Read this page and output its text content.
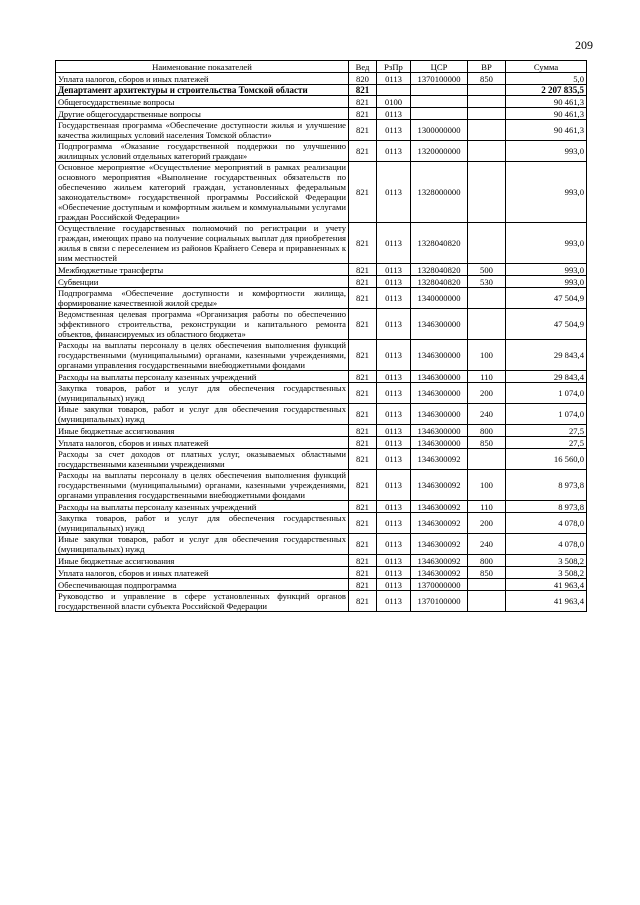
209
Наименование показателей	Вед	РзПр	ЦСР	ВР	Сумма
Уплата налогов, сборов и иных платежей	820	0113	1370100000	850	5,0
Департамент архитектуры и строительства Томской области	821				2 207 835,5
Общегосударственные вопросы	821	0100			90 461,3
Другие общегосударственные вопросы	821	0113			90 461,3
Государственная программа «Обеспечение доступности жилья и улучшение качества жилищных условий населения Томской области»	821	0113	1300000000		90 461,3
Подпрограмма «Оказание государственной поддержки по улучшению жилищных условий отдельных категорий граждан»	821	0113	1320000000		993,0
Основное мероприятие «Осуществление мероприятий в рамках реализации основного мероприятия «Выполнение государственных обязательств по обеспечению жильем категорий граждан, установленных федеральным законодательством» государственной программы Российской Федерации «Обеспечение доступным и комфортным жильем и коммунальными услугами граждан Российской Федерации»	821	0113	1328000000		993,0
Осуществление государственных полномочий по регистрации и учету граждан, имеющих право на получение социальных выплат для приобретения жилья в связи с переселением из районов Крайнего Севера и приравненных к ним местностей	821	0113	1328040820		993,0
Межбюджетные трансферты	821	0113	1328040820	500	993,0
Субвенции	821	0113	1328040820	530	993,0
Подпрограмма «Обеспечение доступности и комфортности жилища, формирование качественной жилой среды»	821	0113	1340000000		47 504,9
Ведомственная целевая программа «Организация работы по обеспечению эффективного строительства, реконструкции и капитального ремонта объектов, финансируемых из областного бюджета»	821	0113	1346300000		47 504,9
Расходы на выплаты персоналу в целях обеспечения выполнения функций государственными (муниципальными) органами, казенными учреждениями, органами управления государственными внебюджетными фондами	821	0113	1346300000	100	29 843,4
Расходы на выплаты персоналу казенных учреждений	821	0113	1346300000	110	29 843,4
Закупка товаров, работ и услуг для обеспечения государственных (муниципальных) нужд	821	0113	1346300000	200	1 074,0
Иные закупки товаров, работ и услуг для обеспечения государственных (муниципальных) нужд	821	0113	1346300000	240	1 074,0
Иные бюджетные ассигнования	821	0113	1346300000	800	27,5
Уплата налогов, сборов и иных платежей	821	0113	1346300000	850	27,5
Расходы за счет доходов от платных услуг, оказываемых областными государственными казенными учреждениями	821	0113	1346300092		16 560,0
Расходы на выплаты персоналу в целях обеспечения выполнения функций государственными (муниципальными) органами, казенными учреждениями, органами управления государственными внебюджетными фондами	821	0113	1346300092	100	8 973,8
Расходы на выплаты персоналу казенных учреждений	821	0113	1346300092	110	8 973,8
Закупка товаров, работ и услуг для обеспечения государственных (муниципальных) нужд	821	0113	1346300092	200	4 078,0
Иные закупки товаров, работ и услуг для обеспечения государственных (муниципальных) нужд	821	0113	1346300092	240	4 078,0
Иные бюджетные ассигнования	821	0113	1346300092	800	3 508,2
Уплата налогов, сборов и иных платежей	821	0113	1346300092	850	3 508,2
Обеспечивающая подпрограмма	821	0113	1370000000		41 963,4
Руководство и управление в сфере установленных функций органов государственной власти субъекта Российской Федерации	821	0113	1370100000		41 963,4
